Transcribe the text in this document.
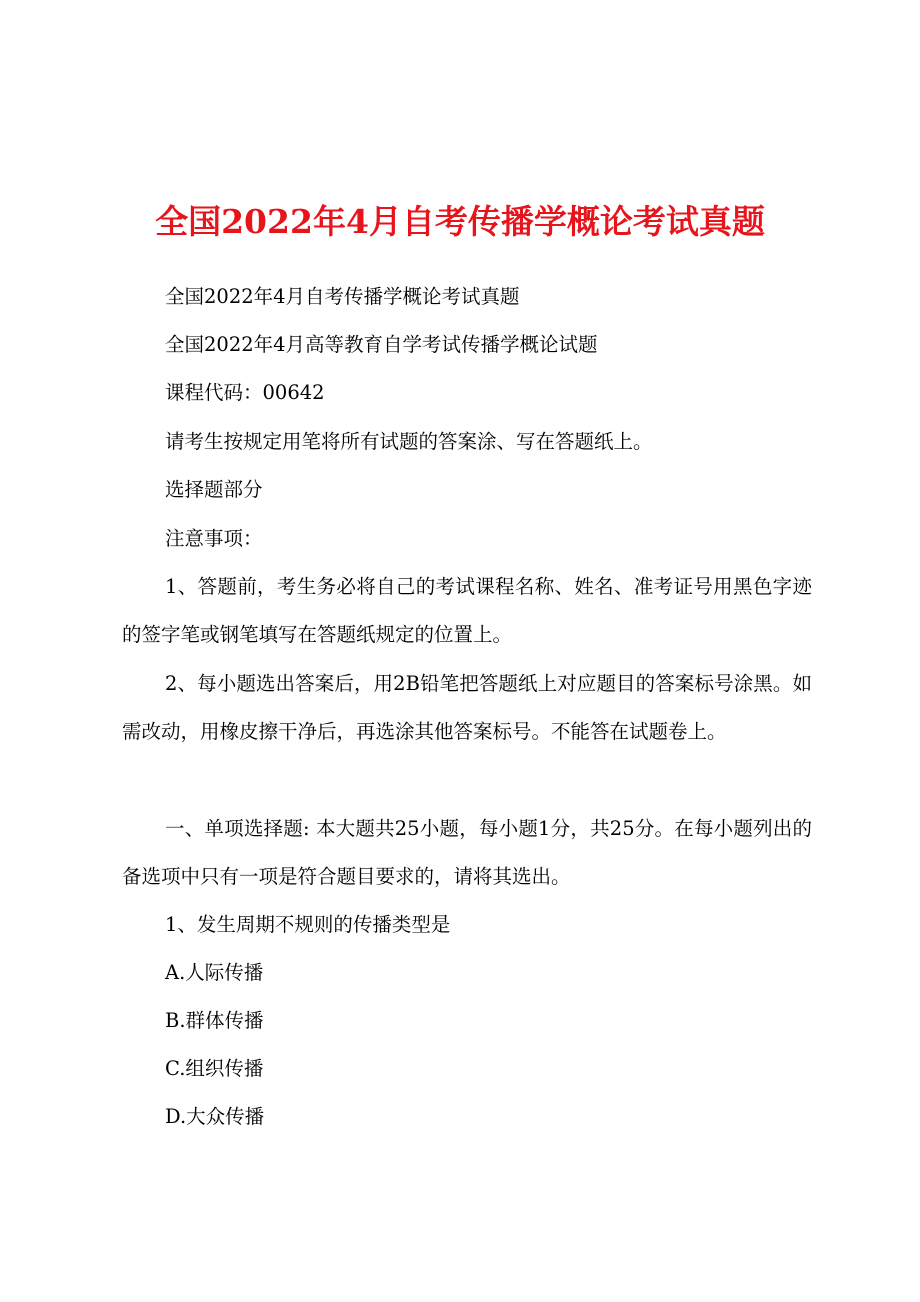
全国2022年4月自考传播学概论考试真题

全国2022年4月自考传播学概论考试真题

全国2022年4月高等教育自学考试传播学概论试题

课程代码：00642

请考生按规定用笔将所有试题的答案涂、写在答题纸上。

选择题部分

注意事项：

1、答题前，考生务必将自己的考试课程名称、姓名、准考证号用黑色字迹的签字笔或钢笔填写在答题纸规定的位置上。

2、每小题选出答案后，用2B铅笔把答题纸上对应题目的答案标号涂黑。如需改动，用橡皮擦干净后，再选涂其他答案标号。不能答在试题卷上。

一、单项选择题: 本大题共25小题，每小题1分，共25分。在每小题列出的备选项中只有一项是符合题目要求的，请将其选出。

1、发生周期不规则的传播类型是

A.人际传播

B.群体传播

C.组织传播

D.大众传播
